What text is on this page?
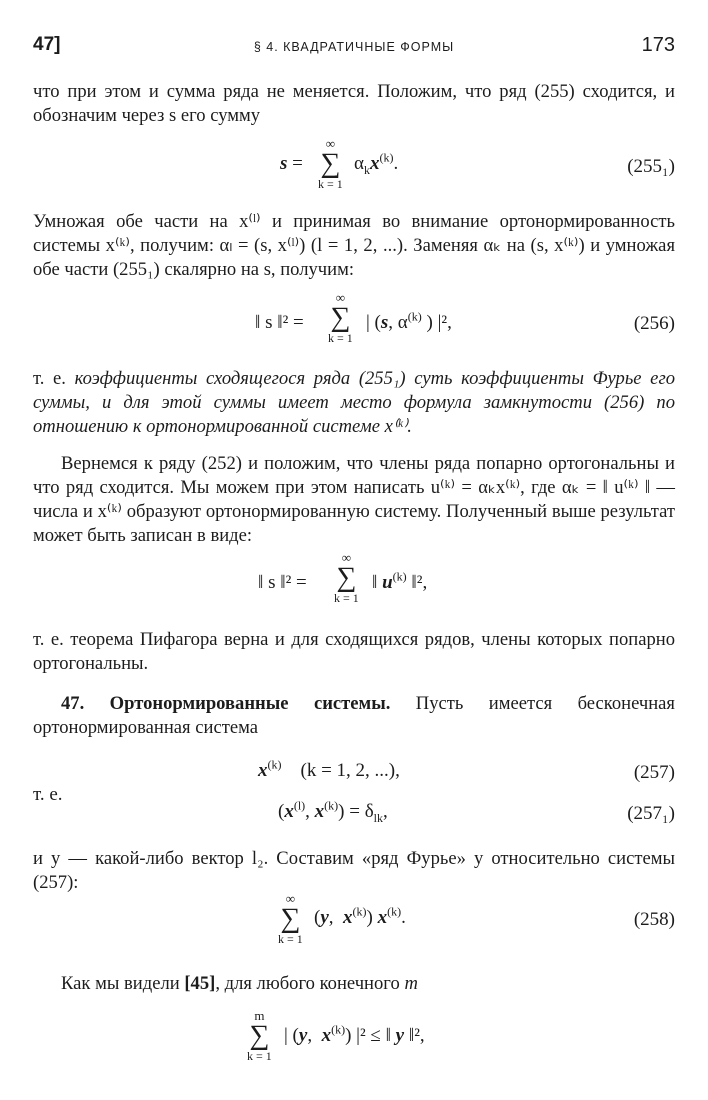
47]	§ 4. КВАДРАТИЧНЫЕ ФОРМЫ	173
что при этом и сумма ряда не меняется. Положим, что ряд (255) сходится, и обозначим через s его сумму
s =
∞
∑
k = 1
$\alpha_kx^{(k)}$.	(255₁)
Умножая обе части на x⁽ˡ⁾ и принимая во внимание ортонормированность системы x⁽ᵏ⁾, получим: αₗ = (s, x⁽ˡ⁾) (l = 1, 2, ...). Заменяя αₖ на (s, x⁽ᵏ⁾) и умножая обе части (255₁) скалярно на s, получим:
‖ s ‖² =
∞
∑
k = 1
| (s, $\alpha^{(k)}$ ) |²,	(256)
т. е. коэффициенты сходящегося ряда (255₁) суть коэффициенты Фурье его суммы, и для этой суммы имеет место формула замкнутости (256) по отношению к ортонормированной системе x⁽ᵏ⁾.
Вернемся к ряду (252) и положим, что члены ряда попарно ортогональны и что ряд сходится. Мы можем при этом написать u⁽ᵏ⁾ = αₖx⁽ᵏ⁾, где αₖ = ‖ u⁽ᵏ⁾ ‖ — числа и x⁽ᵏ⁾ образуют ортонормированную систему. Полученный выше результат может быть записан в виде:
‖ s ‖² =
∞
∑
k = 1
‖ $u^{(k)}$ ‖²,
т. е. теорема Пифагора верна и для сходящихся рядов, члены которых попарно ортогональны.
47. Ортонормированные системы. Пусть имеется бесконечная ортонормированная система
$x^{(k)}$ (k = 1, 2, ...),	(257)
т. е.
($x^{(l)}$, $x^{(k)}) = \delta_{lk}$,	(257₁)
и y — какой-либо вектор l₂. Составим «ряд Фурье» y относительно системы (257):
∞
∑
k = 1
(y,  $x^{(k)}$) $x^{(k)}$.	(258)
Как мы видели [45], для любого конечного m
m
∑
k = 1
| (y,  $x^{(k)}$) |² ≤ ‖ y ‖²,
